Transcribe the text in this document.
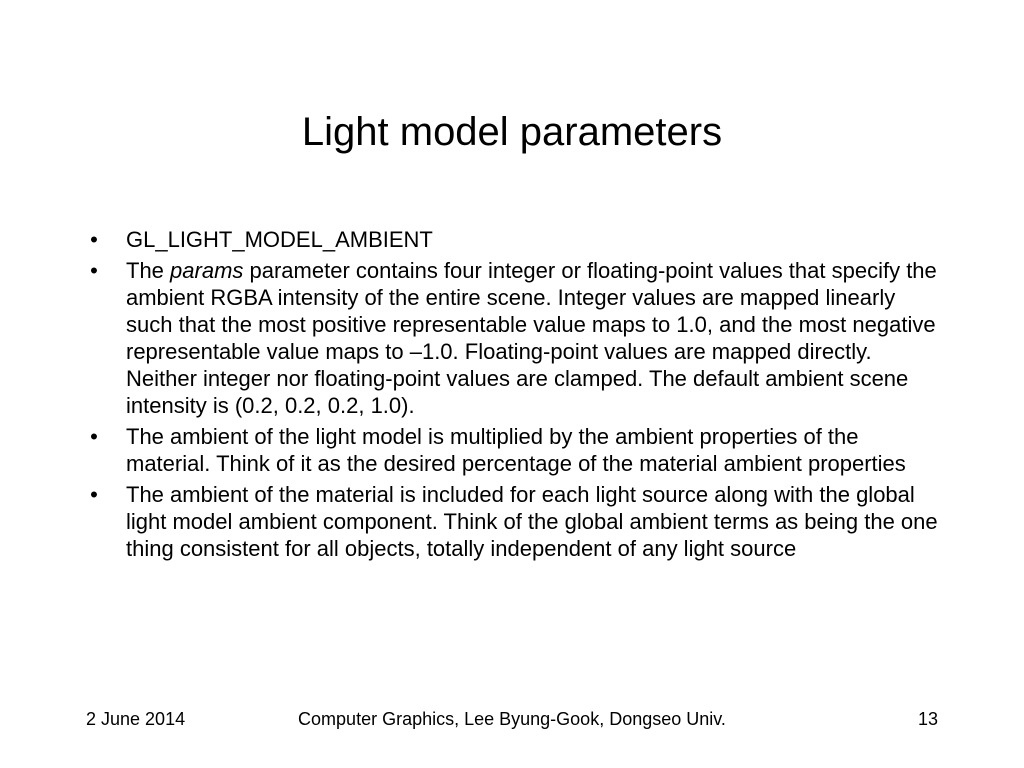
Light model parameters
• GL_LIGHT_MODEL_AMBIENT
• The params parameter contains four integer or floating-point values that specify the ambient RGBA intensity of the entire scene. Integer values are mapped linearly such that the most positive representable value maps to 1.0, and the most negative representable value maps to –1.0. Floating-point values are mapped directly. Neither integer nor floating-point values are clamped. The default ambient scene intensity is (0.2, 0.2, 0.2, 1.0).
• The ambient of the light model is multiplied by the ambient properties of the material. Think of it as the desired percentage of the material ambient properties
• The ambient of the material is included for each light source along with the global light model ambient component. Think of the global ambient terms as being the one thing consistent for all objects, totally independent of any light source
2 June 2014	Computer Graphics, Lee Byung-Gook, Dongseo Univ.	13
